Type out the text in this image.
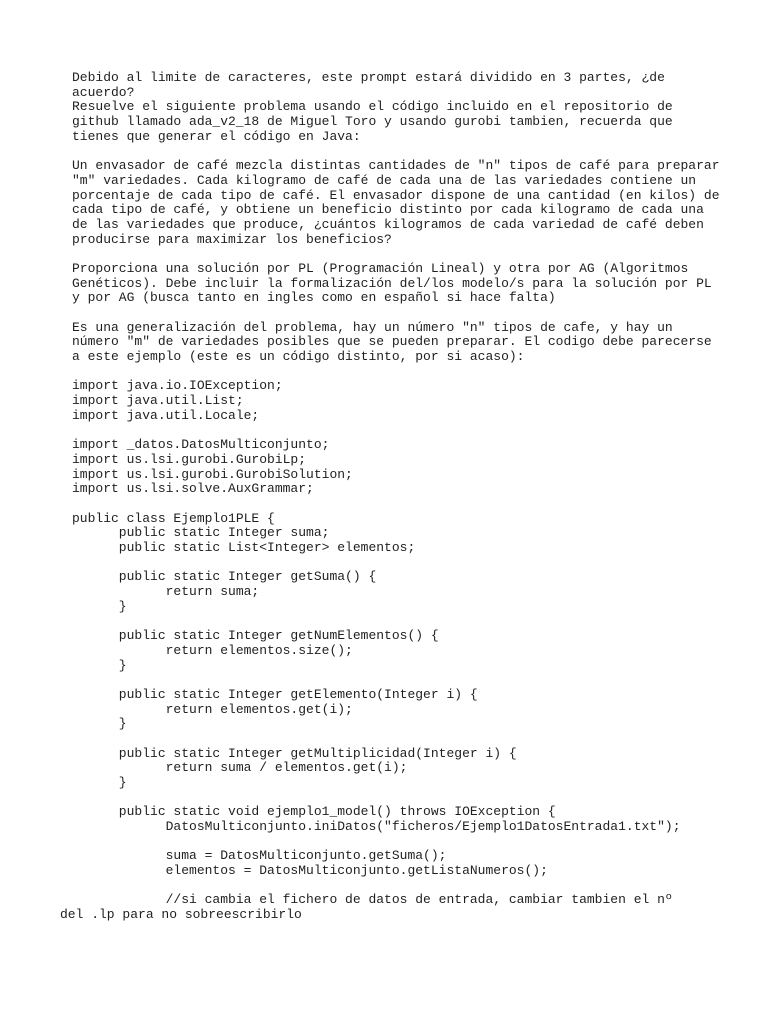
Debido al limite de caracteres, este prompt estará dividido en 3 partes, ¿de
acuerdo?
Resuelve el siguiente problema usando el código incluido en el repositorio de
github llamado ada_v2_18 de Miguel Toro y usando gurobi tambien, recuerda que
tienes que generar el código en Java:
Un envasador de café mezcla distintas cantidades de "n" tipos de café para preparar
"m" variedades. Cada kilogramo de café de cada una de las variedades contiene un
porcentaje de cada tipo de café. El envasador dispone de una cantidad (en kilos) de
cada tipo de café, y obtiene un beneficio distinto por cada kilogramo de cada una
de las variedades que produce, ¿cuántos kilogramos de cada variedad de café deben
producirse para maximizar los beneficios?
Proporciona una solución por PL (Programación Lineal) y otra por AG (Algoritmos
Genéticos). Debe incluir la formalización del/los modelo/s para la solución por PL
y por AG (busca tanto en ingles como en español si hace falta)
Es una generalización del problema, hay un número "n" tipos de cafe, y hay un
número "m" de variedades posibles que se pueden preparar. El codigo debe parecerse
a este ejemplo (este es un código distinto, por si acaso):
import java.io.IOException;
import java.util.List;
import java.util.Locale;
import _datos.DatosMulticonjunto;
import us.lsi.gurobi.GurobiLp;
import us.lsi.gurobi.GurobiSolution;
import us.lsi.solve.AuxGrammar;
public class Ejemplo1PLE {
public static Integer suma;
public static List<Integer> elementos;
public static Integer getSuma() {
return suma;
}
public static Integer getNumElementos() {
return elementos.size();
}
public static Integer getElemento(Integer i) {
return elementos.get(i);
}
public static Integer getMultiplicidad(Integer i) {
return suma / elementos.get(i);
}
public static void ejemplo1_model() throws IOException {
DatosMulticonjunto.iniDatos("ficheros/Ejemplo1DatosEntrada1.txt");
suma = DatosMulticonjunto.getSuma();
elementos = DatosMulticonjunto.getListaNumeros();
//si cambia el fichero de datos de entrada, cambiar tambien el nº
del .lp para no sobreescribirlo
